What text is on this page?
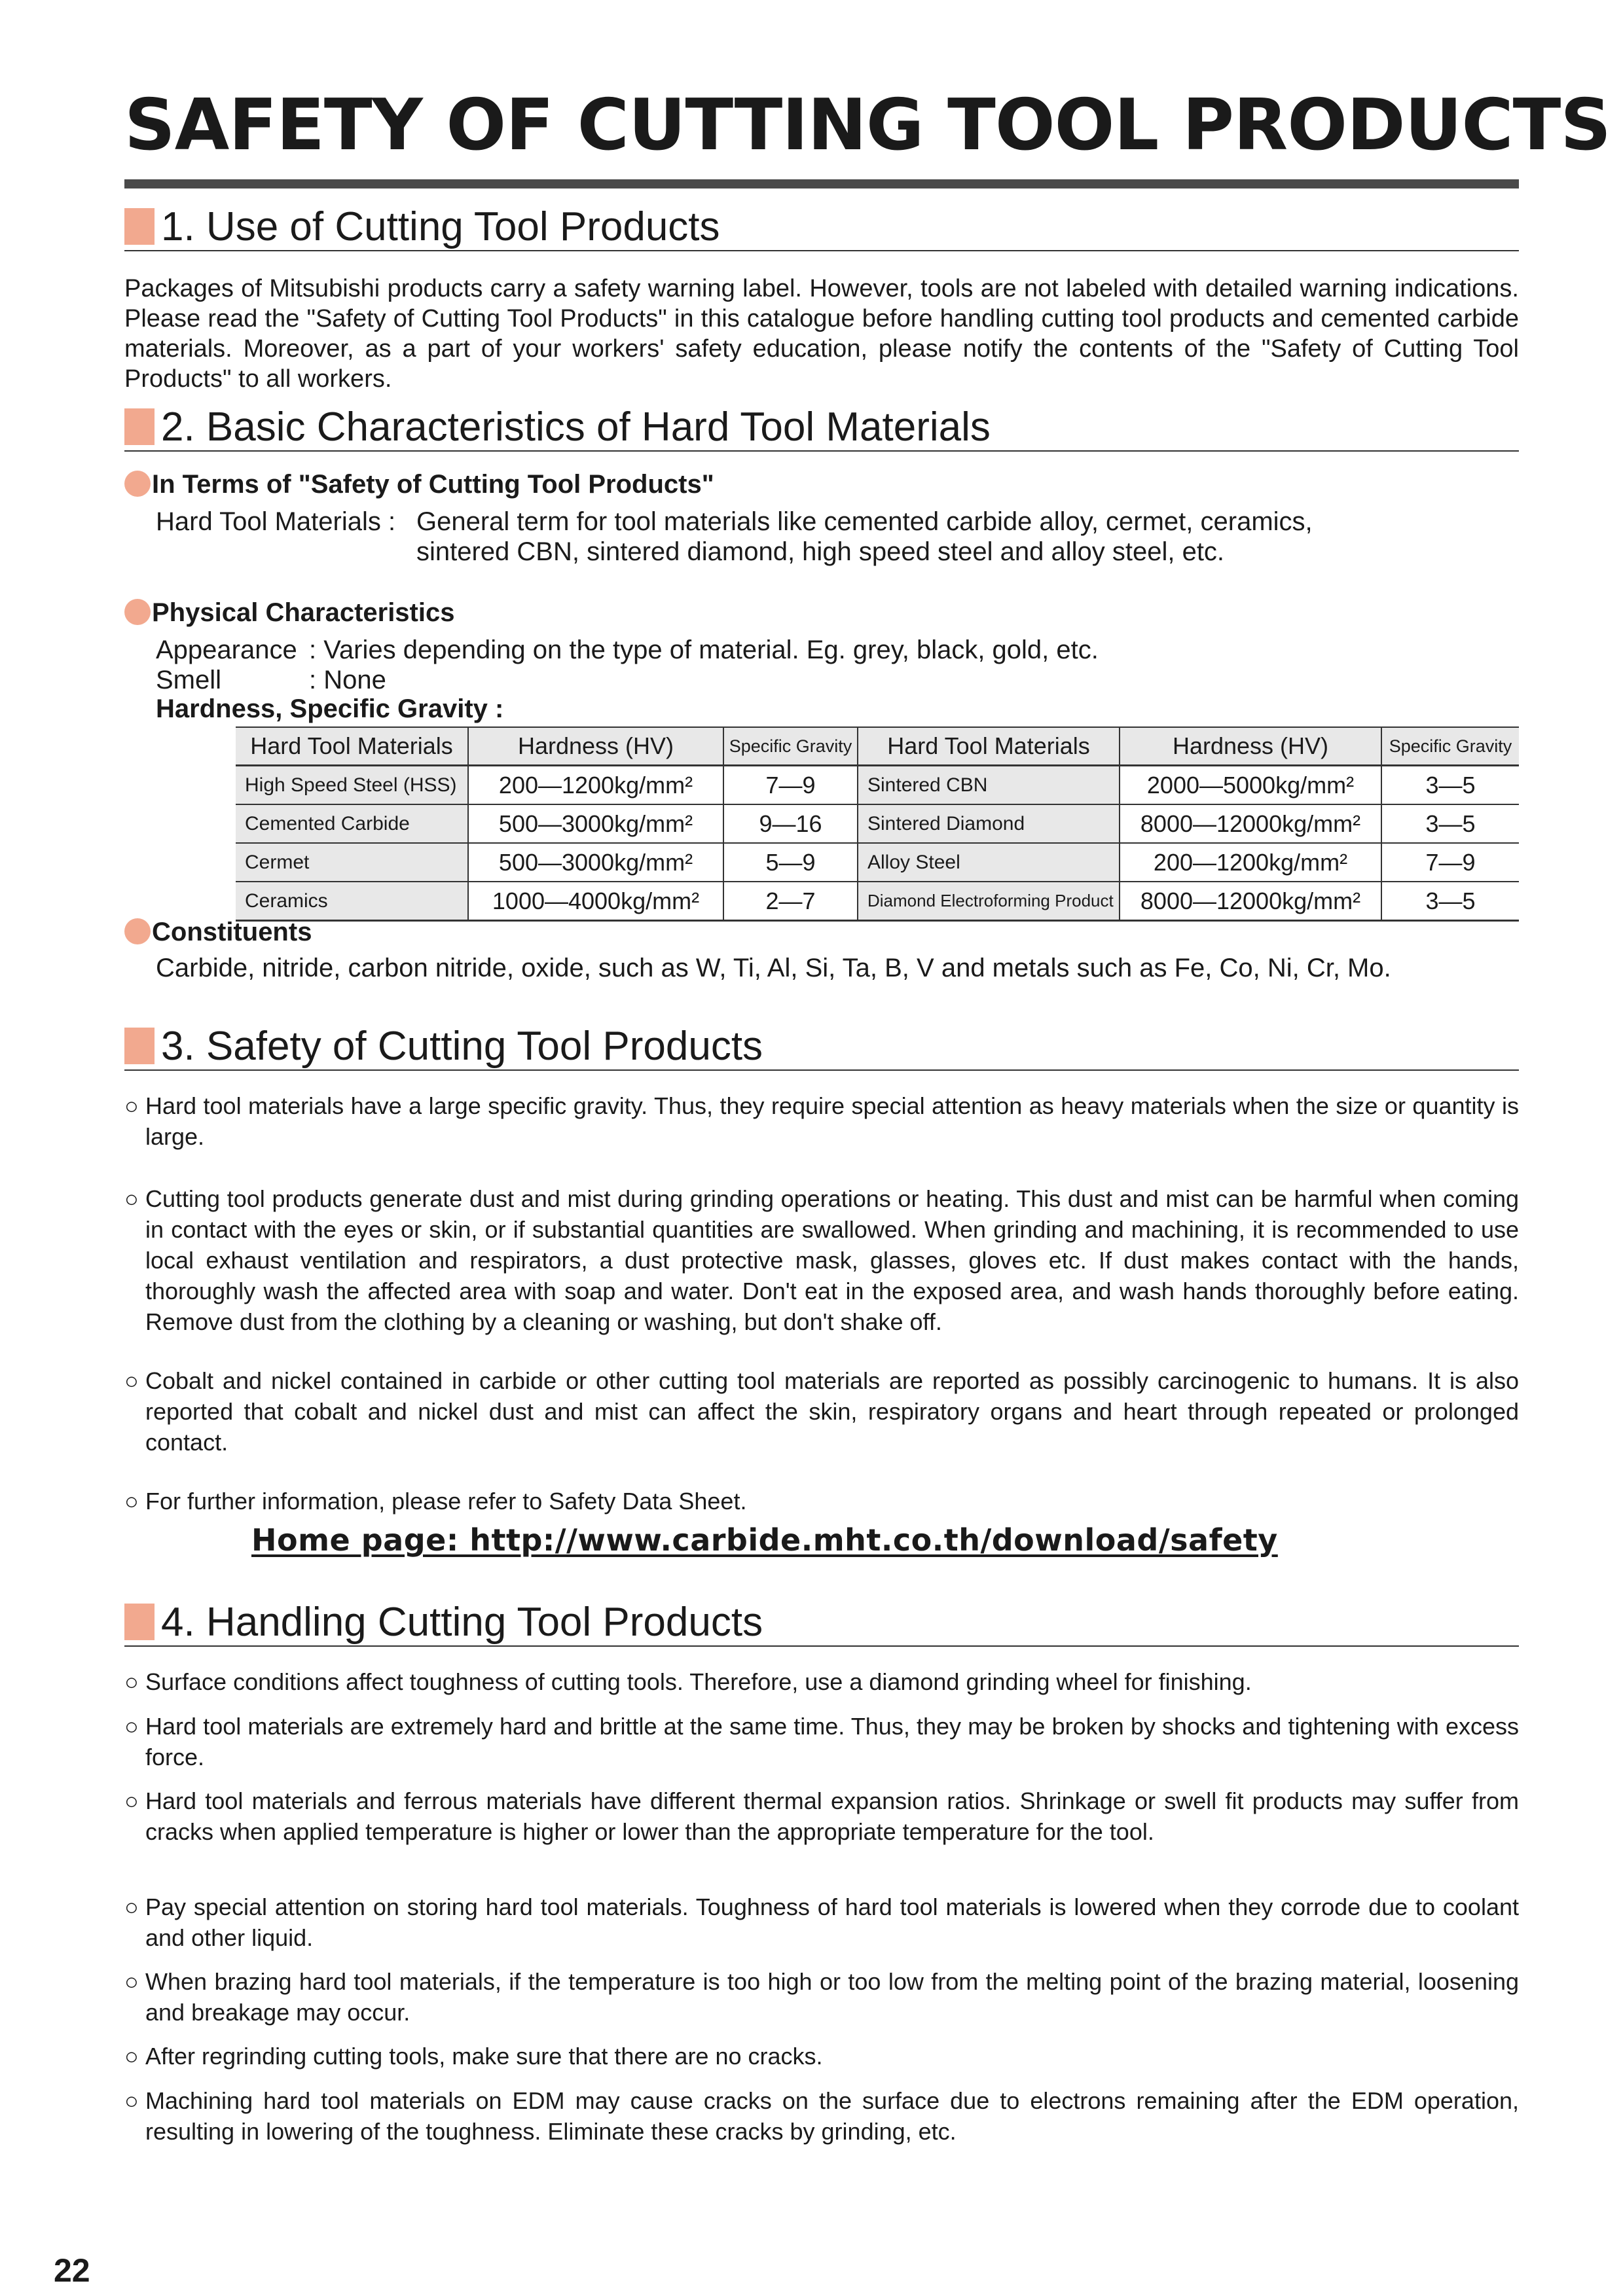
SAFETY OF CUTTING TOOL PRODUCTS
1. Use of Cutting Tool Products

Packages of Mitsubishi products carry a safety warning label. However, tools are not labeled with detailed warning indications. Please read the "Safety of Cutting Tool Products" in this catalogue before handling cutting tool products and cemented carbide materials. Moreover, as a part of your workers' safety education, please notify the contents of the "Safety of Cutting Tool Products" to all workers.

2. Basic Characteristics of Hard Tool Materials
In Terms of "Safety of Cutting Tool Products"
Hard Tool Materials : General term for tool materials like cemented carbide alloy, cermet, ceramics,
sintered CBN, sintered diamond, high speed steel and alloy steel, etc.
Physical Characteristics
Appearance : Varies depending on the type of material. Eg. grey, black, gold, etc.
Smell	: None
Hardness, Specific Gravity :
Hard Tool Materials	Hardness (HV)	Specific Gravity	Hard Tool Materials	Hardness (HV)	Specific Gravity
High Speed Steel (HSS)	200—1200kg/mm²	7—9	Sintered CBN	2000—5000kg/mm²	3—5
Cemented Carbide	500—3000kg/mm²	9—16	Sintered Diamond	8000—12000kg/mm²	3—5
Cermet	500—3000kg/mm²	5—9	Alloy Steel	200—1200kg/mm²	7—9
Ceramics	1000—4000kg/mm²	2—7	Diamond Electroforming Product	8000—12000kg/mm²	3—5
Constituents
Carbide, nitride, carbon nitride, oxide, such as W, Ti, Al, Si, Ta, B, V and metals such as Fe, Co, Ni, Cr, Mo.
3. Safety of Cutting Tool Products

○ Hard tool materials have a large specific gravity. Thus, they require special attention as heavy materials when the size or quantity is large.

○ Cutting tool products generate dust and mist during grinding operations or heating. This dust and mist can be harmful when coming in contact with the eyes or skin, or if substantial quantities are swallowed. When grinding and machining, it is recommended to use local exhaust ventilation and respirators, a dust protective mask, glasses, gloves etc. If dust makes contact with the hands, thoroughly wash the affected area with soap and water. Don't eat in the exposed area, and wash hands thoroughly before eating. Remove dust from the clothing by a cleaning or washing, but don't shake off.

○ Cobalt and nickel contained in carbide or other cutting tool materials are reported as possibly carcinogenic to humans. It is also reported that cobalt and nickel dust and mist can affect the skin, respiratory organs and heart through repeated or prolonged contact.

○ For further information, please refer to Safety Data Sheet.

Home page: http://www.carbide.mht.co.th/download/safety
4. Handling Cutting Tool Products

○ Surface conditions affect toughness of cutting tools. Therefore, use a diamond grinding wheel for finishing.

○ Hard tool materials are extremely hard and brittle at the same time. Thus, they may be broken by shocks and tightening with excess force.

○ Hard tool materials and ferrous materials have different thermal expansion ratios. Shrinkage or swell fit products may suffer from cracks when applied temperature is higher or lower than the appropriate temperature for the tool.

○ Pay special attention on storing hard tool materials. Toughness of hard tool materials is lowered when they corrode due to coolant and other liquid.

○ When brazing hard tool materials, if the temperature is too high or too low from the melting point of the brazing material, loosening and breakage may occur.

○ After regrinding cutting tools, make sure that there are no cracks.

○ Machining hard tool materials on EDM may cause cracks on the surface due to electrons remaining after the EDM operation, resulting in lowering of the toughness. Eliminate these cracks by grinding, etc.

22
